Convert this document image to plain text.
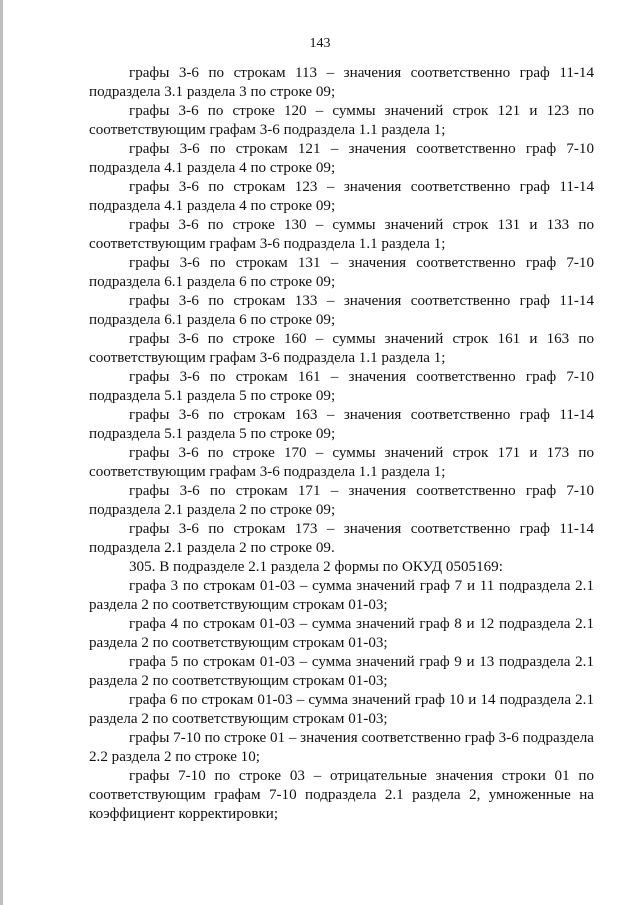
143

графы 3-6 по строкам 113 – значения соответственно граф 11-14 подраздела 3.1 раздела 3 по строке 09;

графы 3-6 по строке 120 – суммы значений строк 121 и 123 по соответствующим графам 3-6 подраздела 1.1 раздела 1;

графы 3-6 по строкам 121 – значения соответственно граф 7-10 подраздела 4.1 раздела 4 по строке 09;

графы 3-6 по строкам 123 – значения соответственно граф 11-14 подраздела 4.1 раздела 4 по строке 09;

графы 3-6 по строке 130 – суммы значений строк 131 и 133 по соответствующим графам 3-6 подраздела 1.1 раздела 1;

графы 3-6 по строкам 131 – значения соответственно граф 7-10 подраздела 6.1 раздела 6 по строке 09;

графы 3-6 по строкам 133 – значения соответственно граф 11-14 подраздела 6.1 раздела 6 по строке 09;

графы 3-6 по строке 160 – суммы значений строк 161 и 163 по соответствующим графам 3-6 подраздела 1.1 раздела 1;

графы 3-6 по строкам 161 – значения соответственно граф 7-10 подраздела 5.1 раздела 5 по строке 09;

графы 3-6 по строкам 163 – значения соответственно граф 11-14 подраздела 5.1 раздела 5 по строке 09;

графы 3-6 по строке 170 – суммы значений строк 171 и 173 по соответствующим графам 3-6 подраздела 1.1 раздела 1;

графы 3-6 по строкам 171 – значения соответственно граф 7-10 подраздела 2.1 раздела 2 по строке 09;

графы 3-6 по строкам 173 – значения соответственно граф 11-14 подраздела 2.1 раздела 2 по строке 09.

305. В подразделе 2.1 раздела 2 формы по ОКУД 0505169:

графа 3 по строкам 01-03 – сумма значений граф 7 и 11 подраздела 2.1 раздела 2 по соответствующим строкам 01-03;

графа 4 по строкам 01-03 – сумма значений граф 8 и 12 подраздела 2.1 раздела 2 по соответствующим строкам 01-03;

графа 5 по строкам 01-03 – сумма значений граф 9 и 13 подраздела 2.1 раздела 2 по соответствующим строкам 01-03;

графа 6 по строкам 01-03 – сумма значений граф 10 и 14 подраздела 2.1 раздела 2 по соответствующим строкам 01-03;

графы 7-10 по строке 01 – значения соответственно граф 3-6 подраздела 2.2 раздела 2 по строке 10;

графы 7-10 по строке 03 – отрицательные значения строки 01 по соответствующим графам 7-10 подраздела 2.1 раздела 2, умноженные на коэффициент корректировки;
